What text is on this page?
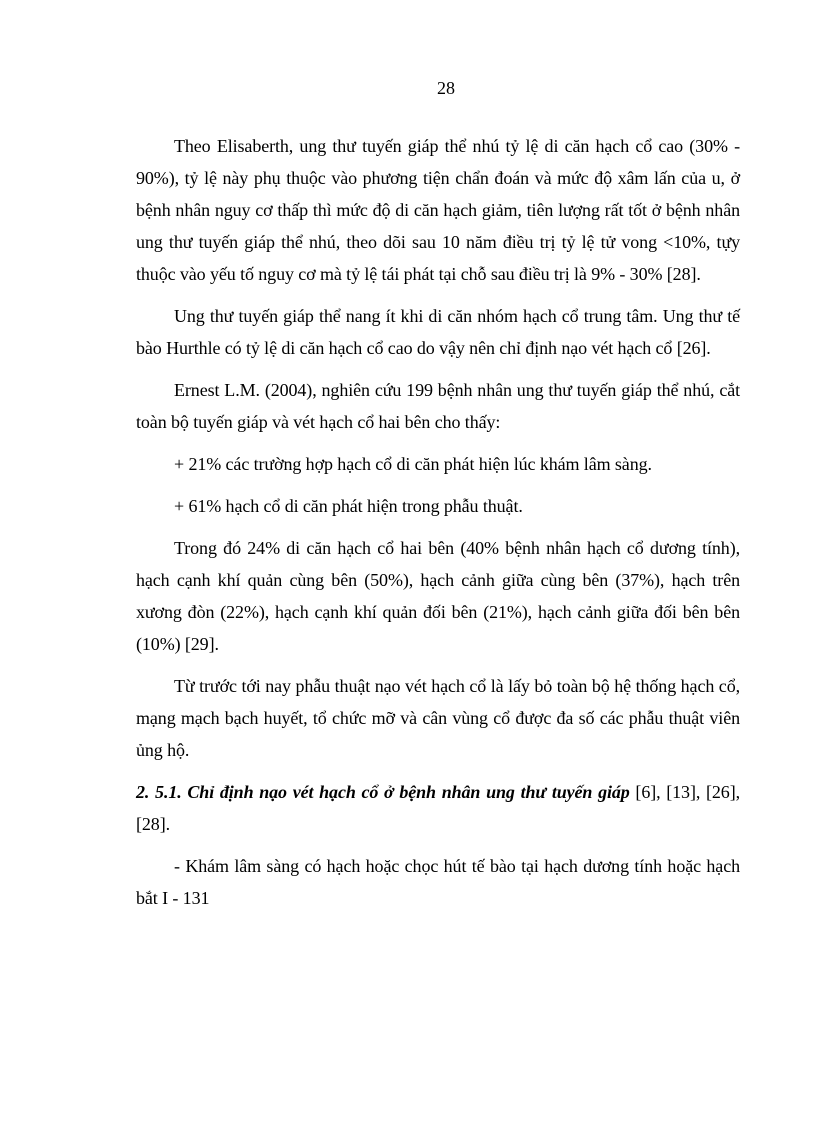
28

Theo Elisaberth, ung thư tuyến giáp thể nhú tỷ lệ di căn hạch cổ cao (30% - 90%), tỷ lệ này phụ thuộc vào phương tiện chẩn đoán và mức độ xâm lấn của u, ở bệnh nhân nguy cơ thấp thì mức độ di căn hạch giảm, tiên lượng rất tốt ở bệnh nhân ung thư tuyến giáp thể nhú, theo dõi sau 10 năm điều trị tỷ lệ tử vong <10%, tựy thuộc vào yếu tố nguy cơ mà tỷ lệ tái phát tại chỗ sau điều trị là 9% - 30% [28].

Ung thư tuyến giáp thể nang ít khi di căn nhóm hạch cổ trung tâm. Ung thư tế bào Hurthle có tỷ lệ di căn hạch cổ cao do vậy nên chỉ định nạo vét hạch cổ [26].

Ernest L.M. (2004), nghiên cứu 199 bệnh nhân ung thư tuyến giáp thể nhú, cắt toàn bộ tuyến giáp và vét hạch cổ hai bên cho thấy:

+ 21% các trường hợp hạch cổ di căn phát hiện lúc khám lâm sàng.

+ 61% hạch cổ di căn phát hiện trong phẫu thuật.

Trong đó 24% di căn hạch cổ hai bên (40% bệnh nhân hạch cổ dương tính), hạch cạnh khí quản cùng bên (50%), hạch cảnh giữa cùng bên (37%), hạch trên xương đòn (22%), hạch cạnh khí quản đối bên (21%), hạch cảnh giữa đối bên bên (10%) [29].

Từ trước tới nay phẫu thuật nạo vét hạch cổ là lấy bỏ toàn bộ hệ thống hạch cổ, mạng mạch bạch huyết, tổ chức mỡ và cân vùng cổ được đa số các phẫu thuật viên ủng hộ.

2. 5.1. Chỉ định nạo vét hạch cổ ở bệnh nhân ung thư tuyến giáp [6], [13], [26], [28].

- Khám lâm sàng có hạch hoặc chọc hút tế bào tại hạch dương tính hoặc hạch bắt I - 131
